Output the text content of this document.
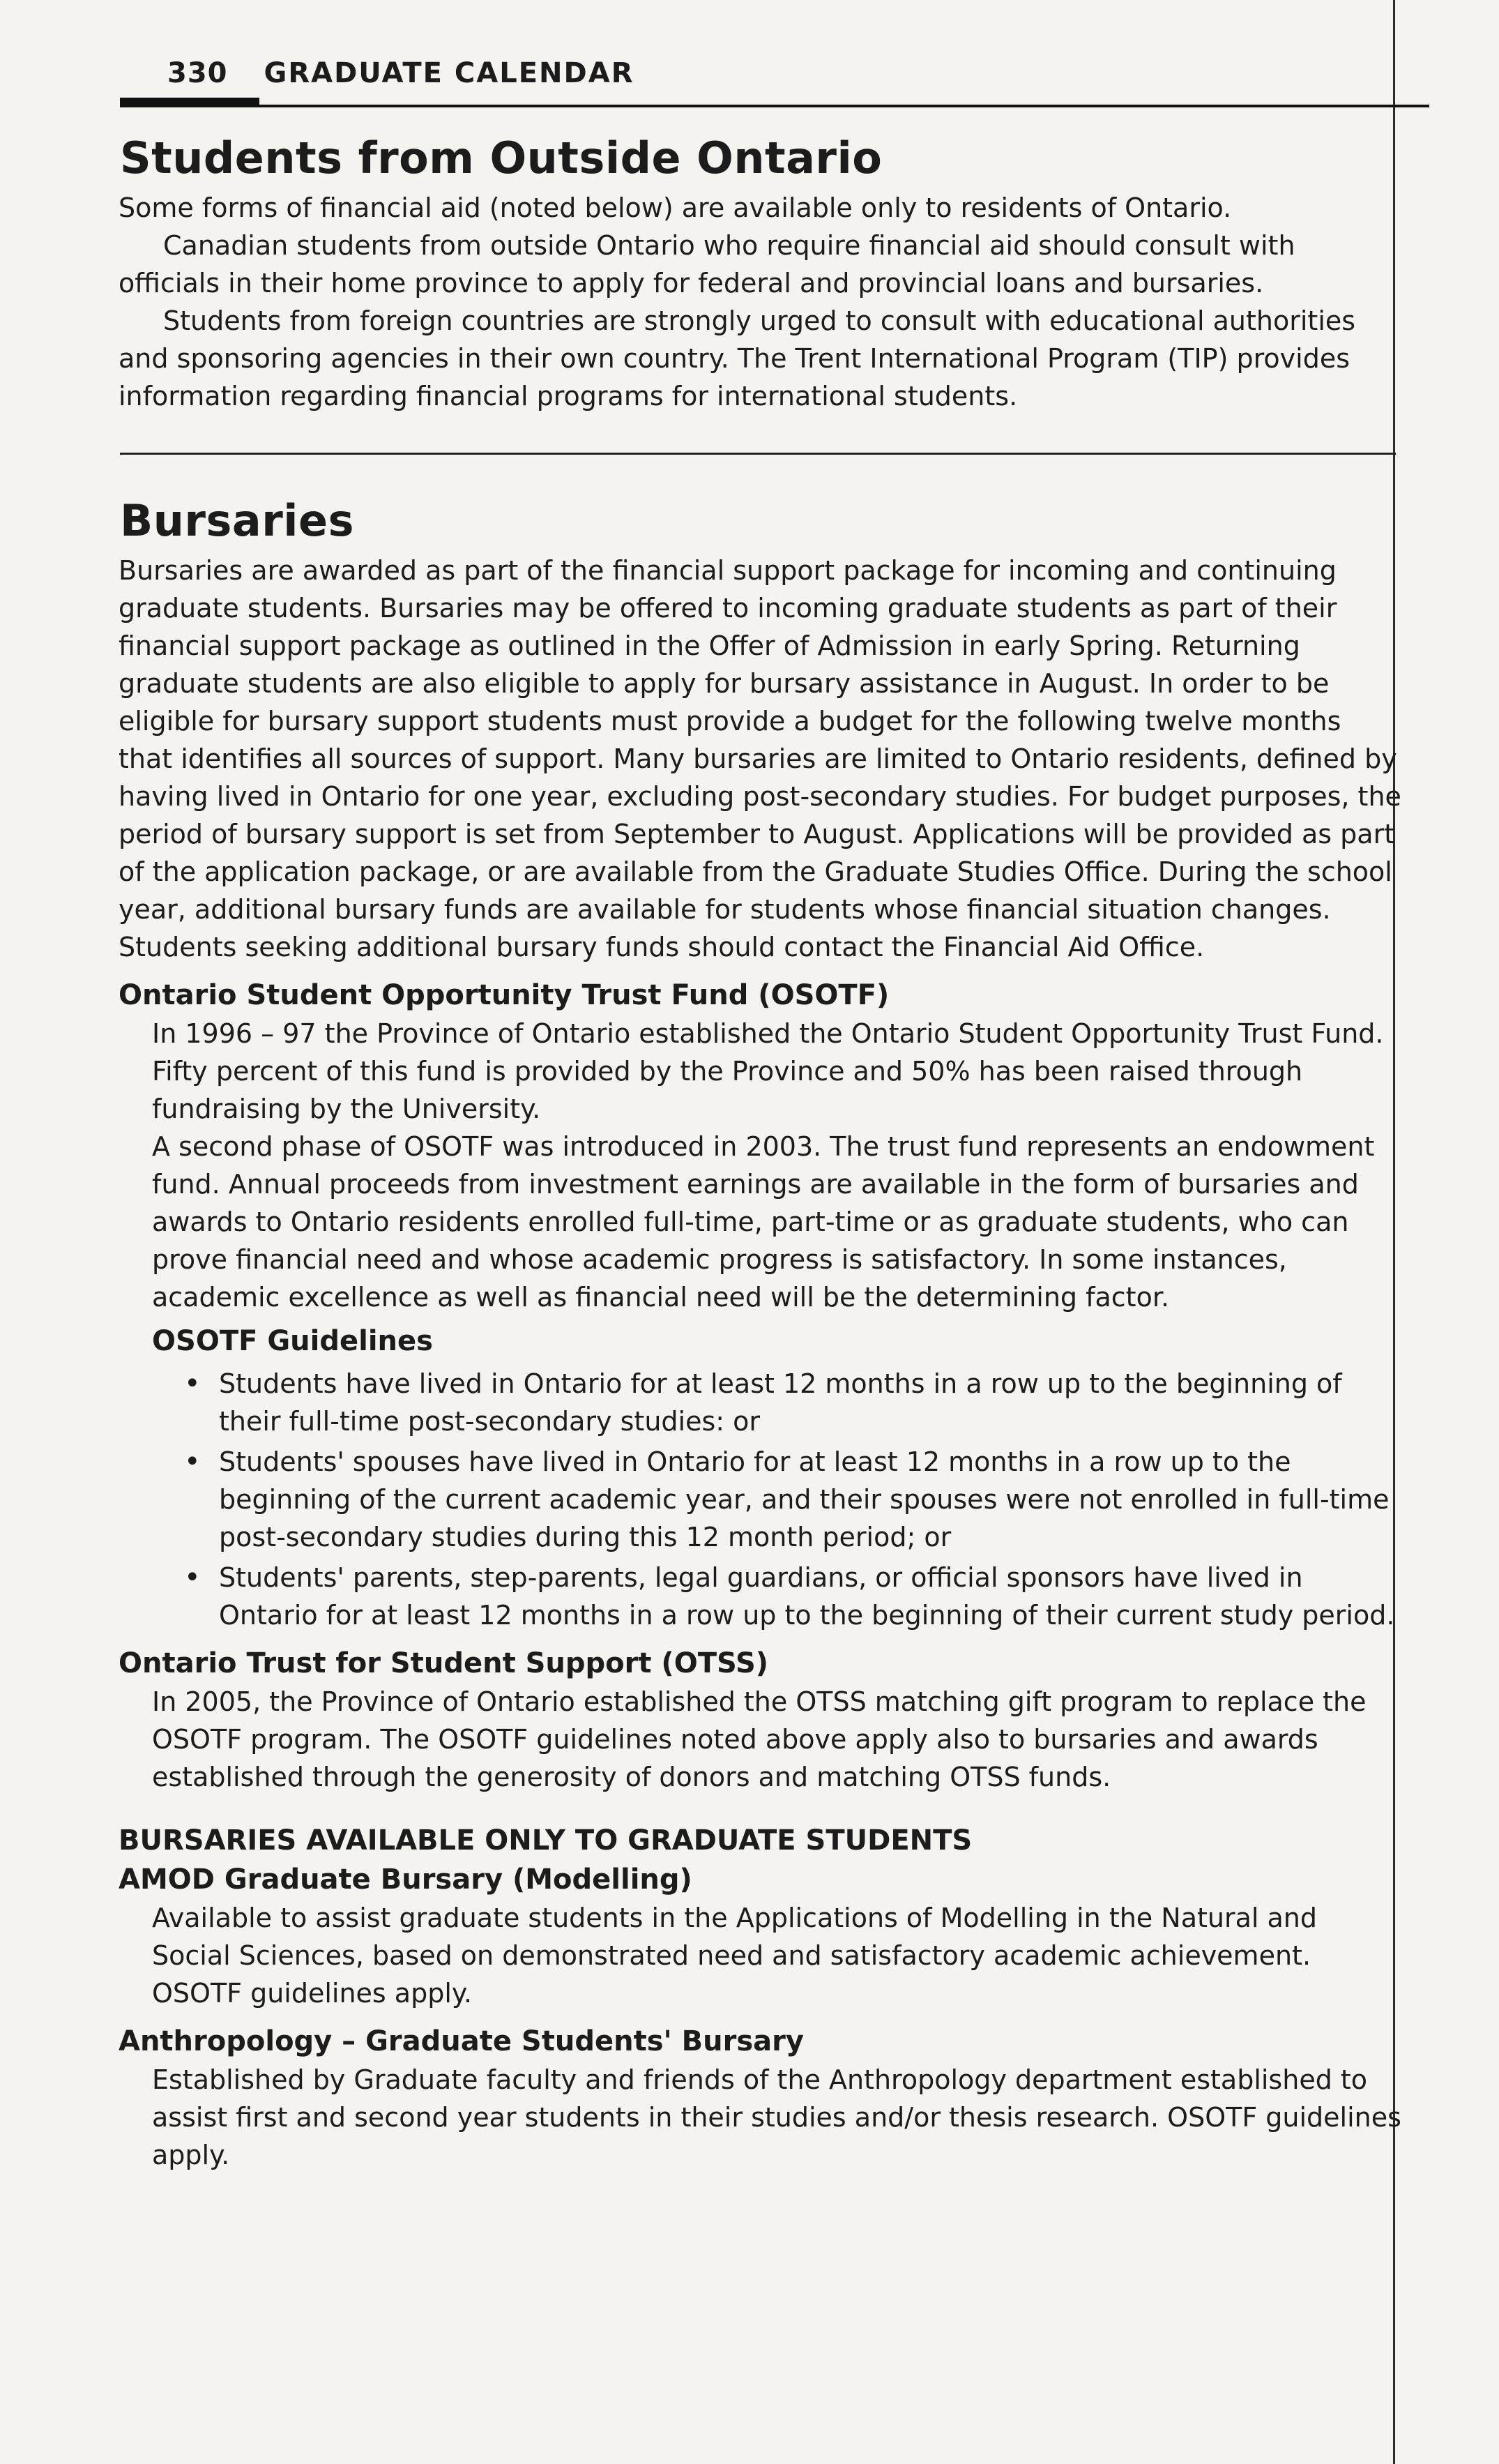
330 GRADUATE CALENDAR
Students from Outside Ontario

Some forms of financial aid (noted below) are available only to residents of Ontario.

Canadian students from outside Ontario who require financial aid should consult with officials in their home province to apply for federal and provincial loans and bursaries.

Students from foreign countries are strongly urged to consult with educational authorities and sponsoring agencies in their own country. The Trent International Program (TIP) provides information regarding financial programs for international students.

Bursaries

Bursaries are awarded as part of the financial support package for incoming and continuing graduate students. Bursaries may be offered to incoming graduate students as part of their financial support package as outlined in the Offer of Admission in early Spring. Returning graduate students are also eligible to apply for bursary assistance in August. In order to be eligible for bursary support students must provide a budget for the following twelve months that identifies all sources of support. Many bursaries are limited to Ontario residents, defined by having lived in Ontario for one year, excluding post-secondary studies. For budget purposes, the period of bursary support is set from September to August. Applications will be provided as part of the application package, or are available from the Graduate Studies Office. During the school year, additional bursary funds are available for students whose financial situation changes. Students seeking additional bursary funds should contact the Financial Aid Office.

Ontario Student Opportunity Trust Fund (OSOTF)

In 1996 – 97 the Province of Ontario established the Ontario Student Opportunity Trust Fund. Fifty percent of this fund is provided by the Province and 50% has been raised through fundraising by the University.

A second phase of OSOTF was introduced in 2003. The trust fund represents an endowment fund. Annual proceeds from investment earnings are available in the form of bursaries and awards to Ontario residents enrolled full-time, part-time or as graduate students, who can prove financial need and whose academic progress is satisfactory. In some instances, academic excellence as well as financial need will be the determining factor.

OSOTF Guidelines
• Students have lived in Ontario for at least 12 months in a row up to the beginning of their full-time post-secondary studies: or
• Students' spouses have lived in Ontario for at least 12 months in a row up to the beginning of the current academic year, and their spouses were not enrolled in full-time post-secondary studies during this 12 month period; or
• Students' parents, step-parents, legal guardians, or official sponsors have lived in Ontario for at least 12 months in a row up to the beginning of their current study period.
Ontario Trust for Student Support (OTSS)

In 2005, the Province of Ontario established the OTSS matching gift program to replace the OSOTF program. The OSOTF guidelines noted above apply also to bursaries and awards established through the generosity of donors and matching OTSS funds.

BURSARIES AVAILABLE ONLY TO GRADUATE STUDENTS
AMOD Graduate Bursary (Modelling)

Available to assist graduate students in the Applications of Modelling in the Natural and Social Sciences, based on demonstrated need and satisfactory academic achievement. OSOTF guidelines apply.

Anthropology – Graduate Students' Bursary

Established by Graduate faculty and friends of the Anthropology department established to assist first and second year students in their studies and/or thesis research. OSOTF guidelines apply.
